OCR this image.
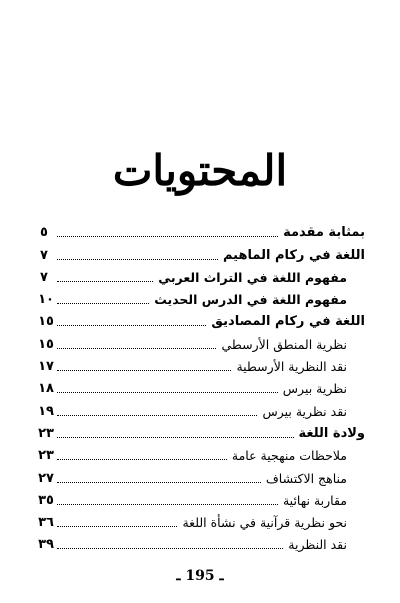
المحتويات
بمثابة مقدمة
٥
اللغة في ركام الماهيم
٧
مفهوم اللغة في التراث العربي
٧
مفهوم اللغة في الدرس الحديث
١٠
اللغة في ركام المصاديق
١٥
نظرية المنطق الأرسطي
١٥
نقد النظرية الأرسطية
١٧
نظرية بيرس
١٨
نقد نظرية بيرس
١٩
ولادة اللغة
٢٣
ملاحظات منهجية عامة
٢٣
مناهج الاكتشاف
٢٧
مقاربة نهائية
٣٥
نحو نظرية قرآنية في نشأة اللغة
٣٦
نقد النظرية
٣٩
ـ 195 ـ
